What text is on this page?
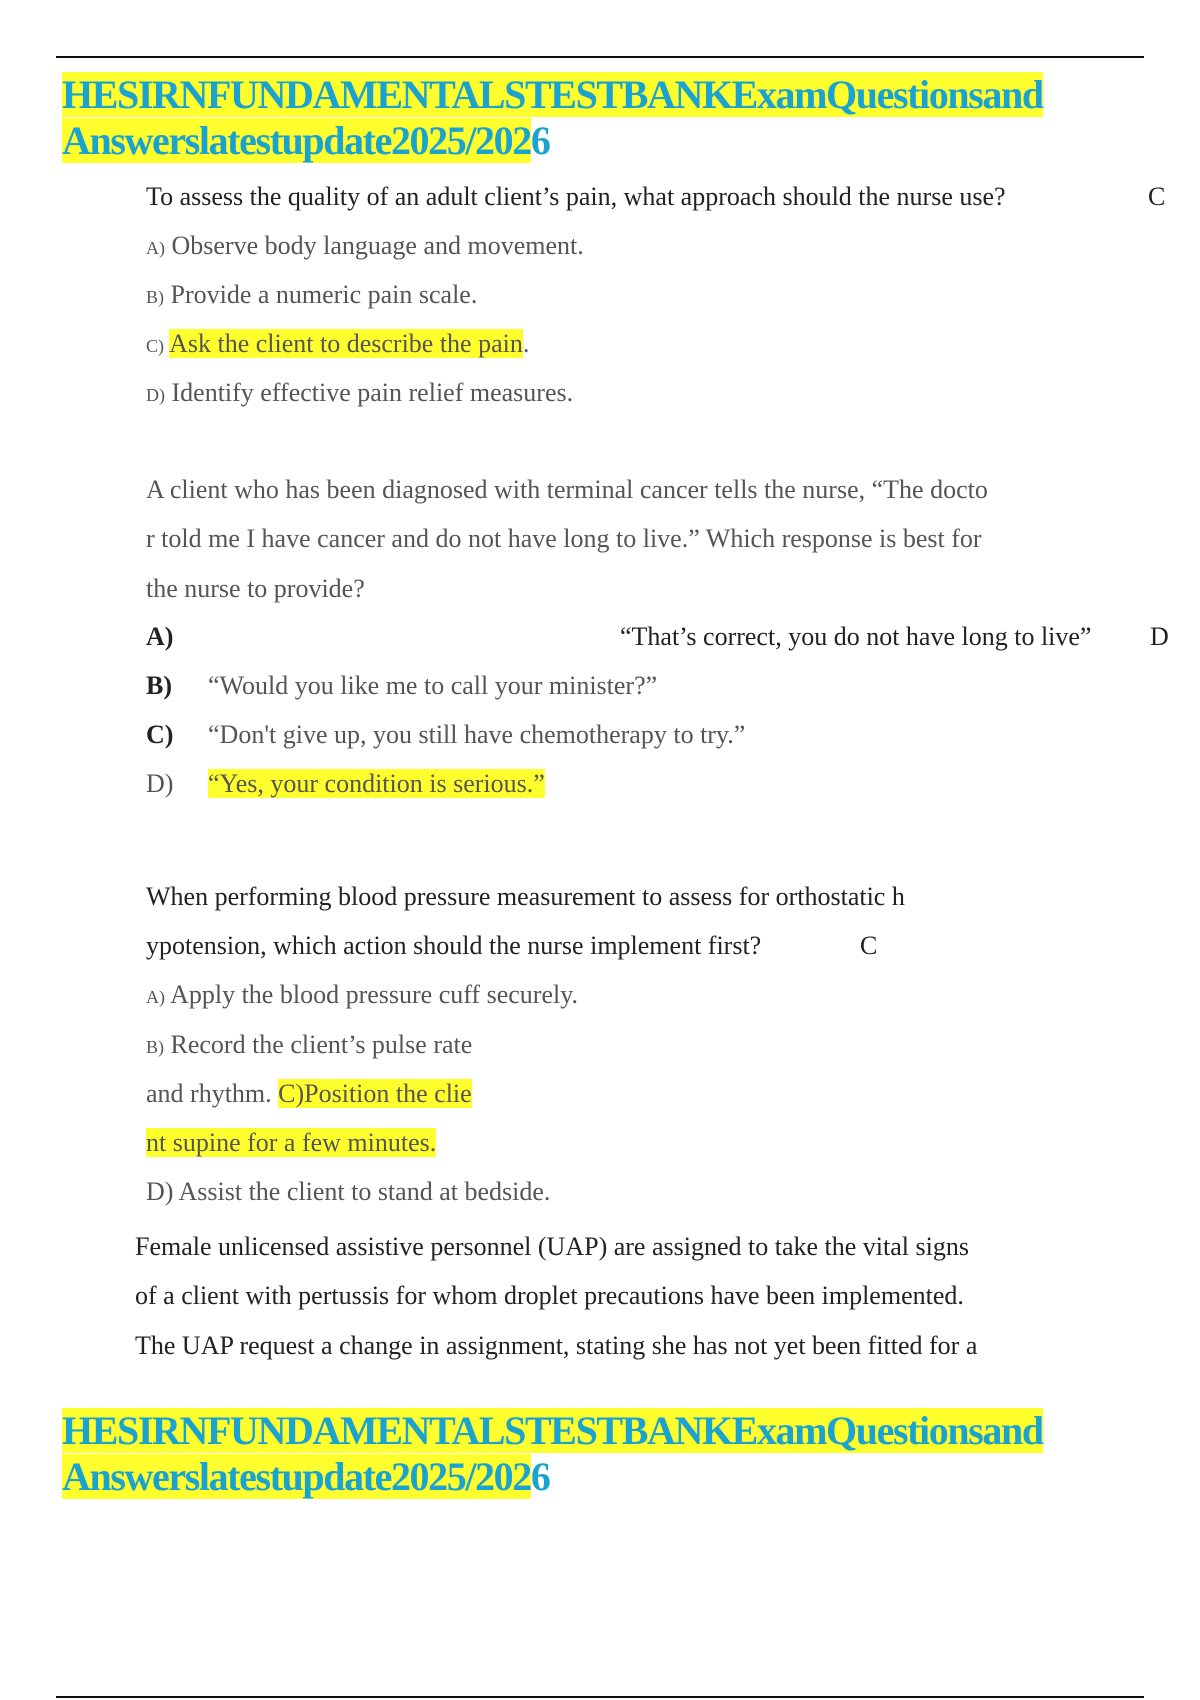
HESIRNFUNDAMENTALSTESTBANKExamQuestionsand
Answerslatestupdate2025/2026
To assess the quality of an adult client’s pain, what approach should the nurse use?	C
A) Observe body language and movement.
B) Provide a numeric pain scale.
C) Ask the client to describe the pain.
D) Identify effective pain relief measures.
A client who has been diagnosed with terminal cancer tells the nurse, “The docto
r told me I have cancer and do not have long to live.” Which response is best for
the nurse to provide?
A)	“That’s correct, you do not have long to live” D
B) “Would you like me to call your minister?”
C) “Don't give up, you still have chemotherapy to try.”
D) “Yes, your condition is serious.”
When performing blood pressure measurement to assess for orthostatic h
ypotension, which action should the nurse implement first?	C
A) Apply the blood pressure cuff securely.
B) Record the client’s pulse rate
and rhythm. C)Position the clie
nt supine for a few minutes.
D) Assist the client to stand at bedside.
Female unlicensed assistive personnel (UAP) are assigned to take the vital signs
of a client with pertussis for whom droplet precautions have been implemented.
The UAP request a change in assignment, stating she has not yet been fitted for a
HESIRNFUNDAMENTALSTESTBANKExamQuestionsand
Answerslatestupdate2025/2026
